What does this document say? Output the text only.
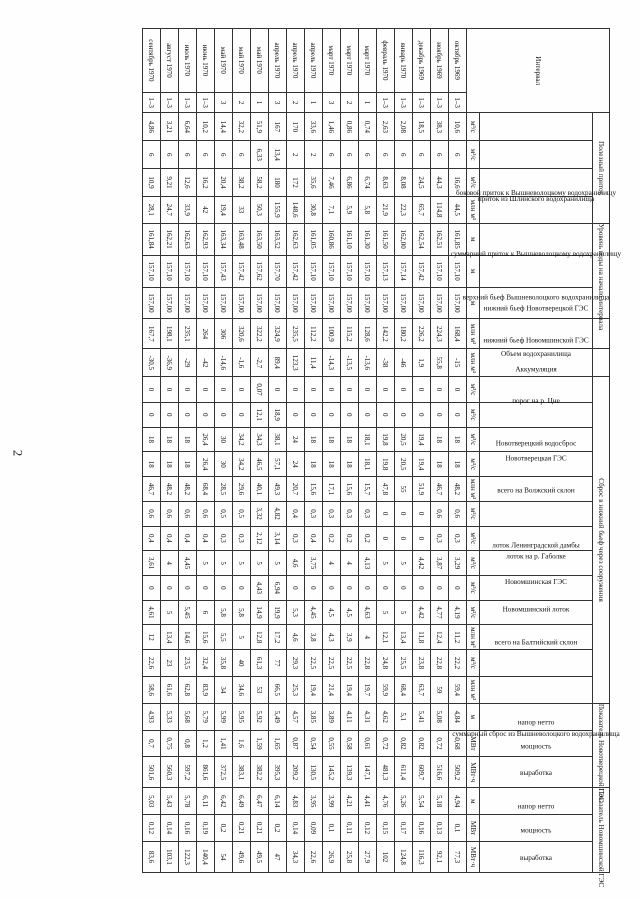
2
Интервал		Полезный приток				Уровень воды на начало интервала					Сброс в нижний бьеф через сооружения													Показатель Новотверецкой ГЭС			Показатель Новомшинской ГЭС		
		боковой приток к Вышневолоцкому водохранилищу	приток из Шлинского водохранилища	суммарный приток к Вышневолоцкому водохранилищу		верхний бьеф Вышневолоцкого водохранилища	нижний бьеф Новотверецкой ГЭС	нижний бьеф Новомшинской ГЭС	Объем водохранилища	Аккумуляция	порог на р. Цне	Новотверецкий водосброс	Новотверецкая ГЭС	всего на Волжский склон		лоток Ленинградской дамбы	лоток на р. Габолке	Новомшинская ГЭС	Новомшинский лоток	всего на Балтийский склон		суммарный сброс из Вышневолоцкого водохранилища		напор нетто	мощность	выработка	напор нетто	мощность	выработка
		м³/с	м³/с	м³/с	млн м³	м	м	м	млн м³	млн м³	м³/с	м³/с	м³/с	м³/с	млн м³	м³/с	м³/с	м³/с	м³/с	м³/с	млн м³	м³/с	млн м³	м	МВт	МВт·ч	м	МВт	МВт·ч
октябрь 1969	1–3	10,6	6	16,6	44,5	161,85	157,10	157,00	168,4	-15	0	0	18	18	48,2	0,6	0,3	3,29	0	4,19	11,2	22,2	59,4	4,84	0,68	509,2	4,94	0,1	77,3
ноябрь 1969	1–3	38,3	6	44,3	114,8	162,51	157,10	157,00	224,3	55,8	0	0	18	18	46,7	0,6	0,3	3,87	0	4,77	12,4	22,8	59	5,08	0,72	516,6	5,18	0,13	92,1
декабрь 1969	1–3	18,5	6	24,5	65,7	162,54	157,42	157,00	226,2	1,9	0	0	19,4	19,4	51,9	0	0	4,42	0	4,42	11,8	23,8	63,7	5,41	0,82	609,7	5,54	0,16	116,3
январь 1970	1–3	2,08	6	8,08	22,3	162,00	157,14	157,00	180,2	-46	0	0	20,5	20,5	55	0	0	5	0	5	13,4	25,5	68,4	5,1	0,82	611,4	5,26	0,17	124,8
февраль 1970	1–3	2,63	6	8,63	21,9	161,50	157,13	157,00	142,2	-38	0	0	19,8	19,8	47,8	0	0	5	0	5	12,1	24,8	59,9	4,62	0,72	481,3	4,76	0,15	102
март 1970	1	0,74	6	6,74	5,8	161,30	157,10	157,00	128,6	-13,6	0	0	18,1	18,1	15,7	0,3	0,2	4,13	0	4,63	4	22,8	19,7	4,31	0,61	147,1	4,41	0,12	27,9
март 1970	2	0,86	6	6,86	5,9	161,10	157,10	157,00	115,2	-13,5	0	0	18	18	15,6	0,3	0,2	4	0	4,5	3,9	22,5	19,4	4,11	0,58	139,3	4,21	0,11	25,8
март 1970	3	1,46	6	7,46	7,1	160,86	157,10	157,00	100,9	-14,3	0	0	18	18	17,1	0,3	0,2	4	0	4,5	4,3	22,5	21,4	3,89	0,55	145,2	3,99	0,1	26,9
апрель 1970	1	33,6	2	35,6	30,8	161,05	157,10	157,00	112,2	11,4	0	0	18	18	15,6	0,3	0,4	3,75	0	4,45	3,8	22,5	19,4	3,85	0,54	130,5	3,95	0,09	22,6
апрель 1970	2	170	2	172	148,6	162,63	157,42	157,00	235,5	123,3	0	0	24	24	20,7	0,4	0,3	4,6	0	5,3	4,6	29,3	25,3	4,57	0,87	209,2	4,83	0,14	34,3
апрель 1970	3	167	13,4	180	155,9	163,52	157,70	157,00	324,9	89,4	0	18,9	38,1	57,1	49,3	4,82	3,14	5	6,94	19,9	17,2	77	66,5	5,49	1,65	395,3	6,14	0,2	47
май 1970	1	51,9	6,33	58,2	50,3	163,50	157,62	157,00	322,2	-2,7	0,07	12,1	34,3	46,5	40,1	3,32	2,12	5	4,43	14,9	12,8	61,3	53	5,92	1,59	382,2	6,47	0,21	49,5
май 1970	2	32,2	6	38,2	33	163,48	157,42	157,00	320,6	-1,6	0	0	34,2	34,2	29,6	0,5	0,3	5	0	5,8	5	40	34,6	5,95	1,6	383,1	6,49	0,21	49,6
май 1970	3	14,4	6	20,4	19,4	163,34	157,43	157,00	306	-14,6	0	0	30	30	28,5	0,5	0,3	5	0	5,8	5,5	35,8	34	5,99	1,41	372,5	6,42	0,2	54
июнь 1970	1–3	10,2	6	16,2	42	162,93	157,10	157,00	264	-42	0	0	26,4	26,4	68,4	0,6	0,4	5	0	6	15,6	32,4	83,9	5,79	1,2	861,6	6,11	0,19	140,4
июль 1970	1–3	6,64	6	12,6	33,9	162,63	157,10	157,00	235,1	-29	0	0	18	18	48,2	0,6	0,4	4,45	0	5,45	14,6	23,5	62,8	5,68	0,8	597,2	5,78	0,16	122,3
август 1970	1–3	3,21	6	9,21	24,7	162,21	157,10	157,00	198,1	-36,9	0	0	18	18	48,2	0,6	0,4	4	0	5	13,4	23	61,6	5,33	0,75	560,3	5,43	0,14	103,1
сентябрь 1970	1–3	4,86	6	10,9	28,1	161,84	157,10	157,00	167,7	-30,5	0	0	18	18	46,7	0,6	0,4	3,61	0	4,61	12	22,6	58,6	4,93	0,7	501,6	5,03	0,12	83,6
